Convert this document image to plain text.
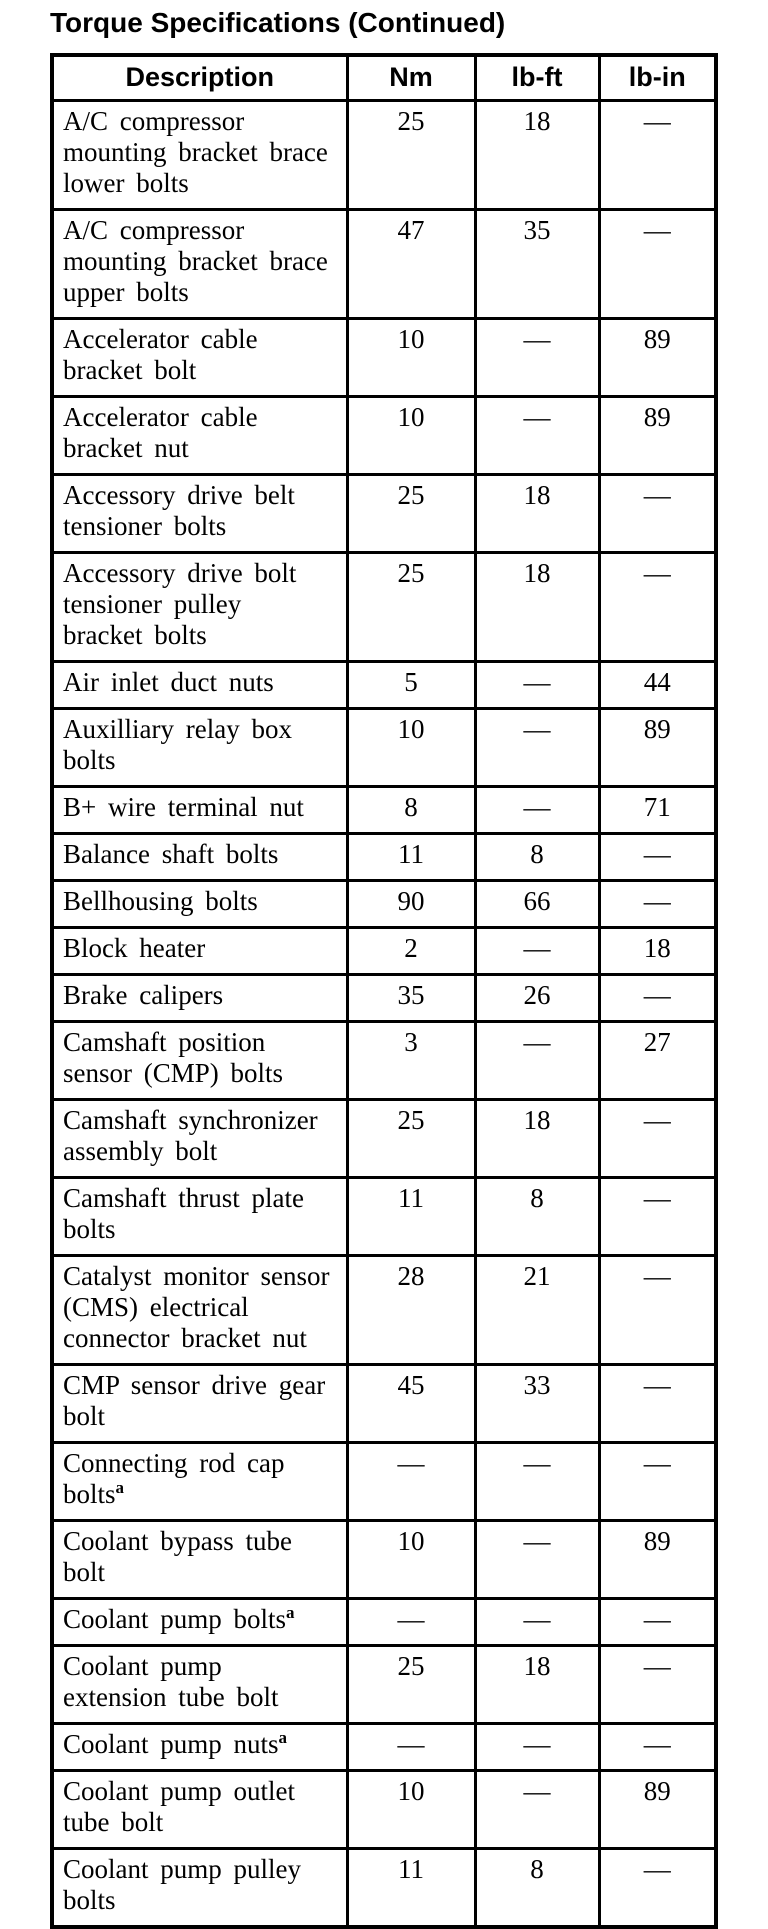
Torque Specifications (Continued)
Description	Nm	lb-ft	lb-in
A/C compressor mounting bracket brace lower bolts	25	18	—
A/C compressor mounting bracket brace upper bolts	47	35	—
Accelerator cable bracket bolt	10	—	89
Accelerator cable bracket nut	10	—	89
Accessory drive belt tensioner bolts	25	18	—
Accessory drive bolt tensioner pulley bracket bolts	25	18	—
Air inlet duct nuts	5	—	44
Auxilliary relay box bolts	10	—	89
B+ wire terminal nut	8	—	71
Balance shaft bolts	11	8	—
Bellhousing bolts	90	66	—
Block heater	2	—	18
Brake calipers	35	26	—
Camshaft position sensor (CMP) bolts	3	—	27
Camshaft synchronizer assembly bolt	25	18	—
Camshaft thrust plate bolts	11	8	—
Catalyst monitor sensor (CMS) electrical connector bracket nut	28	21	—
CMP sensor drive gear bolt	45	33	—
Connecting rod cap bolts$^a$	—	—	—
Coolant bypass tube bolt	10	—	89
Coolant pump bolts$^a$	—	—	—
Coolant pump extension tube bolt	25	18	—
Coolant pump nuts$^a$	—	—	—
Coolant pump outlet tube bolt	10	—	89
Coolant pump pulley bolts	11	8	—
